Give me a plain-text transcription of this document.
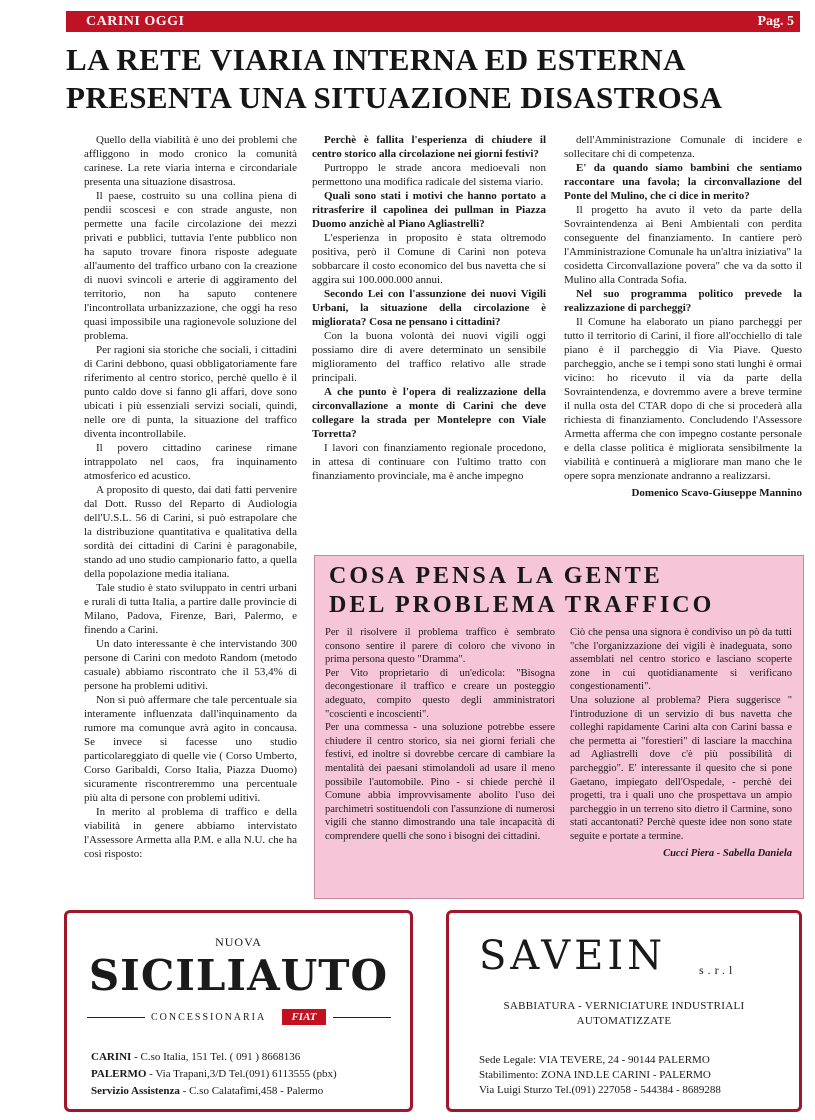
CARINI OGGI	Pag. 5
LA RETE VIARIA INTERNA ED ESTERNA
PRESENTA UNA SITUAZIONE DISASTROSA

Quello della viabilità è uno dei problemi che affliggono in modo cronico la comunità carinese. La rete viaria interna e circondariale presenta una situazione disastrosa.

Il paese, costruito su una collina piena di pendii scoscesi e con strade anguste, non permette una facile circolazione dei mezzi privati e pubblici, tuttavia l'ente pubblico non ha saputo trovare finora risposte adeguate all'aumento del traffico urbano con la creazione di nuovi svincoli e arterie di aggiramento del territorio, non ha saputo contenere l'incontrollata urbanizzazione, che oggi ha reso quasi impossibile una ragionevole soluzione del problema.

Per ragioni sia storiche che sociali, i cittadini di Carini debbono, quasi obbligatoriamente fare riferimento al centro storico, perchè quello è il punto caldo dove si fanno gli affari, dove sono ubicati i più essenziali servizi sociali, quindi, nelle ore di punta, la situazione del traffico diventa incontrollabile.

Il povero cittadino carinese rimane intrappolato nel caos, fra inquinamento atmosferico ed acustico.

A proposito di questo, dai dati fatti pervenire dal Dott. Russo del Reparto di Audiologia dell'U.S.L. 56 di Carini, si può estrapolare che la distribuzione quantitativa e qualitativa della sordità dei cittadini di Carini è paragonabile, stando ad uno studio campionario fatto, a quella della popolazione media italiana.

Tale studio è stato sviluppato in centri urbani e rurali di tutta Italia, a partire dalle provincie di Milano, Padova, Firenze, Bari, Palermo, e finendo a Carini.

Un dato interessante è che intervistando 300 persone di Carini con medoto Random (metodo casuale) abbiamo riscontrato che il 53,4% di persone ha problemi uditivi.

Non si può affermare che tale percentuale sia interamente influenzata dall'inquinamento da rumore ma comunque avrà agito in concausa. Se invece si facesse uno studio particolareggiato di quelle vie ( Corso Umberto, Corso Garibaldi, Corso Italia, Piazza Duomo) sicuramente riscontreremmo una percentuale più alta di persone con problemi uditivi.

In merito al problema di traffico e della viabilità in genere abbiamo intervistato l'Assessore Armetta alla P.M. e alla N.U. che ha così risposto:

Perchè è fallita l'esperienza di chiudere il centro storico alla circolazione nei giorni festivi?

Purtroppo le strade ancora medioevali non permettono una modifica radicale del sistema viario.

Quali sono stati i motivi che hanno portato a ritrasferire il capolinea dei pullman in Piazza Duomo anzichè al Piano Agliastrelli?

L'esperienza in proposito è stata oltremodo positiva, però il Comune di Carini non poteva sobbarcare il costo economico del bus navetta che si aggira sui 100.000.000 annui.

Secondo Lei con l'assunzione dei nuovi Vigili Urbani, la situazione della circolazione è migliorata? Cosa ne pensano i cittadini?

Con la buona volontà dei nuovi vigili oggi possiamo dire di avere determinato un sensibile miglioramento del traffico relativo alle strade principali.

A che punto è l'opera di realizzazione della circonvallazione a monte di Carini che deve collegare la strada per Montelepre con Viale Torretta?

I lavori con finanziamento regionale procedono, in attesa di continuare con l'ultimo tratto con finanziamento provinciale, ma è anche impegno

dell'Amministrazione Comunale di incidere e sollecitare chi di competenza.

E' da quando siamo bambini che sentiamo raccontare una favola; la circonvallazione del Ponte del Mulino, che ci dice in merito?

Il progetto ha avuto il veto da parte della Sovraintendenza ai Beni Ambientali con perdita conseguente del finanziamento. In cantiere però l'Amministrazione Comunale ha un'altra iniziativa" la cosidetta Circonvallazione povera" che va da sotto il Mulino alla Contrada Sofia.

Nel suo programma politico prevede la realizzazione di parcheggi?

Il Comune ha elaborato un piano parcheggi per tutto il territorio di Carini, il fiore all'occhiello di tale piano è il parcheggio di Via Piave. Questo parcheggio, anche se i tempi sono stati lunghi è ormai vicino: ho ricevuto il via da parte della Sovraintendenza, e dovremmo avere a breve termine il nulla osta del CTAR dopo di che si procederà alla richiesta di finanziamento. Concludendo l'Assessore Armetta afferma che con impegno costante personale e della classe politica è migliorata sensibilmente la viabilità e continuerà a migliorare man mano che le opere sopra menzionate andranno a realizzarsi.

Domenico Scavo-Giuseppe Mannino

COSA PENSA LA GENTE
DEL PROBLEMA TRAFFICO

Per il risolvere il problema traffico è sembrato consono sentire il parere di coloro che vivono in prima persona questo "Dramma".

Per Vito proprietario di un'edicola: "Bisogna decongestionare il traffico e creare un posteggio adeguato, compito questo degli amministratori "coscienti e incoscienti".

Per una commessa - una soluzione potrebbe essere chiudere il centro storico, sia nei giorni feriali che festivi, ed inoltre si dovrebbe cercare di cambiare la mentalità dei paesani stimolandoli ad usare il meno possibile l'automobile. Pino - si chiede perchè il Comune abbia improvvisamente abolito l'uso dei parchimetri sostituendoli con l'assunzione di numerosi vigili che stanno dimostrando una tale incapacità di comprendere quelli che sono i bisogni dei cittadini.

Ciò che pensa una signora è condiviso un pò da tutti "che l'organizzazione dei vigili è inadeguata, sono assemblati nel centro storico e lasciano scoperte zone in cui quotidianamente si verificano congestionamenti".

Una soluzione al problema? Piera suggerisce " l'introduzione di un servizio di bus navetta che colleghi rapidamente Carini alta con Carini bassa e che permetta ai "forestieri" di lasciare la macchina ad Agliastrelli dove c'è più possibilità di parcheggio". E' interessante il quesito che si pone Gaetano, impiegato dell'Ospedale, - perchè dei progetti, tra i quali uno che prospettava un ampio parcheggio in un terreno sito dietro il Carmine, sono stati accantonati? Perchè queste idee non sono state seguite e portate a termine.

Cucci Piera - Sabella Daniela

NUOVA
SICILIAUTO
CONCESSIONARIA	FIAT
CARINI - C.so Italia, 151 Tel. ( 091 ) 8668136
PALERMO - Via Trapani,3/D Tel.(091) 6113555 (pbx)
Servizio Assistenza - C.so Calatafimi,458 - Palermo
SAVEIN	s.r.l
SABBIATURA - VERNICIATURE INDUSTRIALI
AUTOMATIZZATE
Sede Legale: VIA TEVERE, 24 - 90144 PALERMO
Stabilimento: ZONA IND.LE CARINI - PALERMO
Via Luigi Sturzo Tel.(091) 227058 - 544384 - 8689288
